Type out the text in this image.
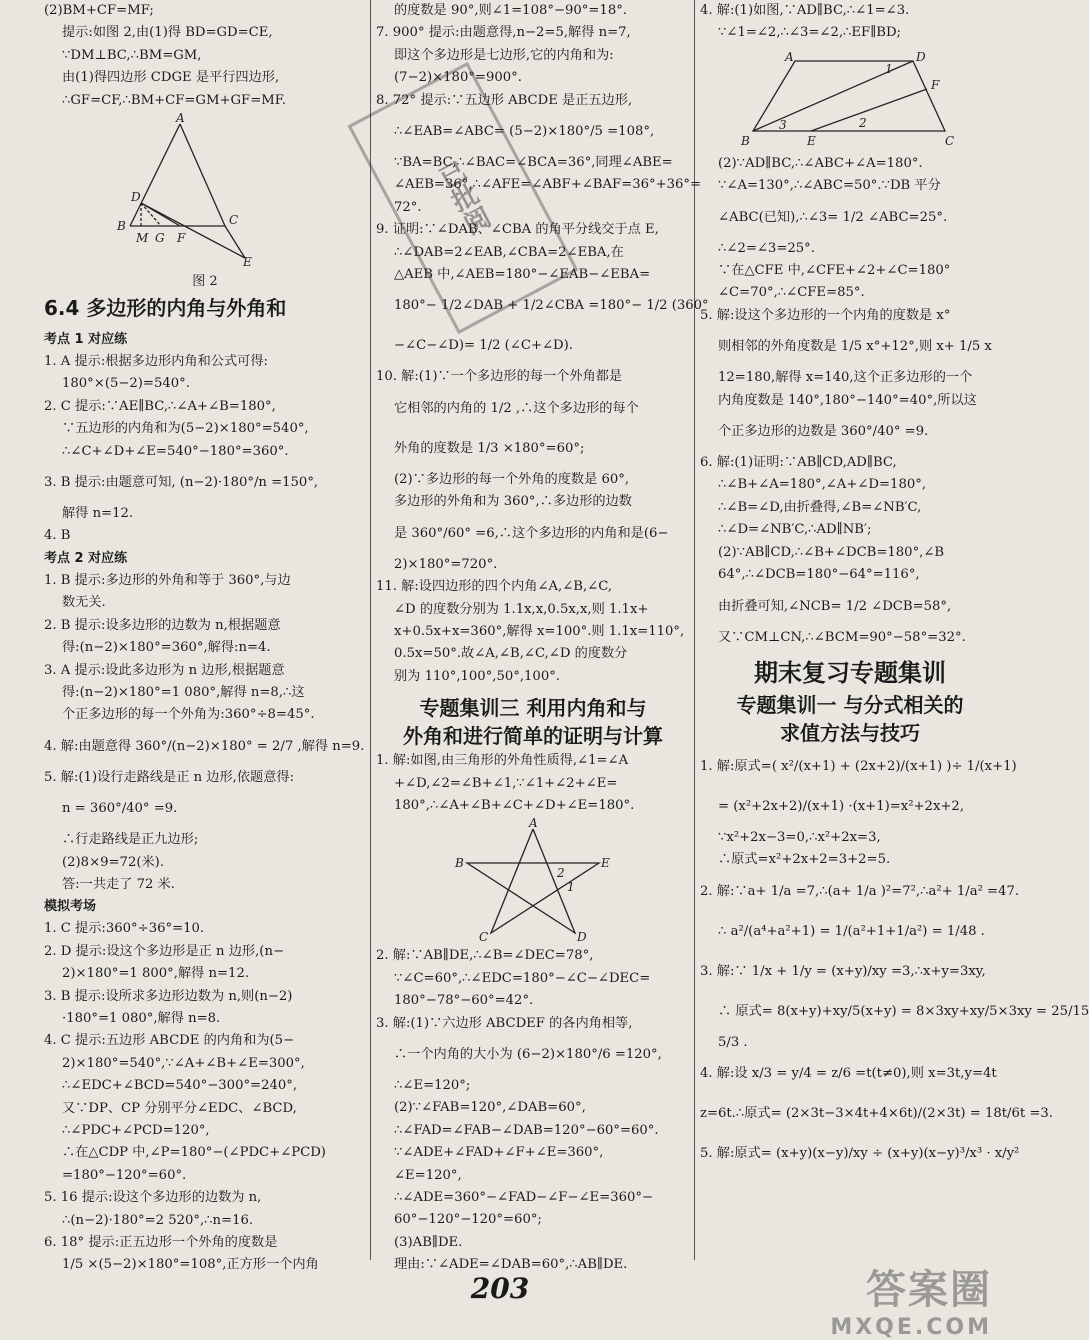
(2)BM+CF=MF;
提示:如图 2,由(1)得 BD=GD=CE,
∵DM⊥BC,∴BM=GM,
由(1)得四边形 CDGE 是平行四边形,
∴GF=CF,∴BM+CF=GM+GF=MF.
A
D
B
M G F
C
E
图 2
6.4 多边形的内角与外角和
考点 1 对应练
1. A 提示:根据多边形内角和公式可得:
180°×(5−2)=540°.
2. C 提示:∵AE∥BC,∴∠A+∠B=180°,
∵五边形的内角和为(5−2)×180°=540°,
∴∠C+∠D+∠E=540°−180°=360°.
3. B 提示:由题意可知, (n−2)·180°/n =150°,
解得 n=12.
4. B
考点 2 对应练
1. B 提示:多边形的外角和等于 360°,与边
数无关.
2. B 提示:设多边形的边数为 n,根据题意
得:(n−2)×180°=360°,解得:n=4.
3. A 提示:设此多边形为 n 边形,根据题意
得:(n−2)×180°=1 080°,解得 n=8,∴这
个正多边形的每一个外角为:360°÷8=45°.
4. 解:由题意得 360°/(n−2)×180° = 2/7 ,解得 n=9.
5. 解:(1)设行走路线是正 n 边形,依题意得:
n = 360°/40° =9.
∴行走路线是正九边形;
(2)8×9=72(米).
答:一共走了 72 米.
模拟考场
1. C 提示:360°÷36°=10.
2. D 提示:设这个多边形是正 n 边形,(n−
2)×180°=1 800°,解得 n=12.
3. B 提示:设所求多边形边数为 n,则(n−2)
·180°=1 080°,解得 n=8.
4. C 提示:五边形 ABCDE 的内角和为(5−
2)×180°=540°,∵∠A+∠B+∠E=300°,
∴∠EDC+∠BCD=540°−300°=240°,
又∵DP、CP 分别平分∠EDC、∠BCD,
∴∠PDC+∠PCD=120°,
∴在△CDP 中,∠P=180°−(∠PDC+∠PCD)
=180°−120°=60°.
5. 16 提示:设这个多边形的边数为 n,
∴(n−2)·180°=2 520°,∴n=16.
6. 18° 提示:正五边形一个外角的度数是
1/5 ×(5−2)×180°=108°,正方形一个内角
的度数是 90°,则∠1=108°−90°=18°.
7. 900° 提示:由题意得,n−2=5,解得 n=7,
即这个多边形是七边形,它的内角和为:
(7−2)×180°=900°.
8. 72° 提示:∵五边形 ABCDE 是正五边形,
∴∠EAB=∠ABC= (5−2)×180°/5 =108°,
∵BA=BC,∴∠BAC=∠BCA=36°,同理∠ABE=
∠AEB=36°,∴∠AFE=∠ABF+∠BAF=36°+36°=
72°.
9. 证明:∵∠DAB、∠CBA 的角平分线交于点 E,
∴∠DAB=2∠EAB,∠CBA=2∠EBA,在
△AEB 中,∠AEB=180°−∠EAB−∠EBA=
180°− 1/2∠DAB + 1/2∠CBA =180°− 1/2 (360°
−∠C−∠D)= 1/2 (∠C+∠D).
10. 解:(1)∵一个多边形的每一个外角都是
它相邻的内角的 1/2 ,∴这个多边形的每个
外角的度数是 1/3 ×180°=60°;
(2)∵多边形的每一个外角的度数是 60°,
多边形的外角和为 360°,∴多边形的边数
是 360°/60° =6,∴这个多边形的内角和是(6−
2)×180°=720°.
11. 解:设四边形的四个内角∠A,∠B,∠C,
∠D 的度数分别为 1.1x,x,0.5x,x,则 1.1x+
x+0.5x+x=360°,解得 x=100°.则 1.1x=110°,
0.5x=50°.故∠A,∠B,∠C,∠D 的度数分
别为 110°,100°,50°,100°.
专题集训三 利用内角和与
外角和进行简单的证明与计算
1. 解:如图,由三角形的外角性质得,∠1=∠A
+∠D,∠2=∠B+∠1,∵∠1+∠2+∠E=
180°,∴∠A+∠B+∠C+∠D+∠E=180°.
A
B	E
C	D
1
2
2. 解:∵AB∥DE,∴∠B=∠DEC=78°,
∵∠C=60°,∴∠EDC=180°−∠C−∠DEC=
180°−78°−60°=42°.
3. 解:(1)∵六边形 ABCDEF 的各内角相等,
∴一个内角的大小为 (6−2)×180°/6 =120°,
∴∠E=120°;
(2)∵∠FAB=120°,∠DAB=60°,
∴∠FAD=∠FAB−∠DAB=120°−60°=60°.
∵∠ADE+∠FAD+∠F+∠E=360°,
∠E=120°,
∴∠ADE=360°−∠FAD−∠F−∠E=360°−
60°−120°−120°=60°;
(3)AB∥DE.
理由:∵∠ADE=∠DAB=60°,∴AB∥DE.
4. 解:(1)如图,∵AD∥BC,∴∠1=∠3.
∵∠1=∠2,∴∠3=∠2,∴EF∥BD;
A	D
F
B	E	C
1
2
3
(2)∵AD∥BC,∴∠ABC+∠A=180°.
∵∠A=130°,∴∠ABC=50°.∵DB 平分
∠ABC(已知),∴∠3= 1/2 ∠ABC=25°.
∴∠2=∠3=25°.
∵在△CFE 中,∠CFE+∠2+∠C=180°
∠C=70°,∴∠CFE=85°.
5. 解:设这个多边形的一个内角的度数是 x°
则相邻的外角度数是 1/5 x°+12°,则 x+ 1/5 x
12=180,解得 x=140,这个正多边形的一个
内角度数是 140°,180°−140°=40°,所以这
个正多边形的边数是 360°/40° =9.
6. 解:(1)证明:∵AB∥CD,AD∥BC,
∴∠B+∠A=180°,∠A+∠D=180°,
∴∠B=∠D,由折叠得,∠B=∠NB′C,
∴∠D=∠NB′C,∴AD∥NB′;
(2)∵AB∥CD,∴∠B+∠DCB=180°,∠B
64°,∴∠DCB=180°−64°=116°,
由折叠可知,∠NCB= 1/2 ∠DCB=58°,
又∵CM⊥CN,∴∠BCM=90°−58°=32°.
期末复习专题集训
专题集训一 与分式相关的
求值方法与技巧
1. 解:原式=( x²/(x+1) + (2x+2)/(x+1) )÷ 1/(x+1)
= (x²+2x+2)/(x+1) ·(x+1)=x²+2x+2,
∵x²+2x−3=0,∴x²+2x=3,
∴原式=x²+2x+2=3+2=5.
2. 解:∵a+ 1/a =7,∴(a+ 1/a )²=7²,∴a²+ 1/a² =47.
∴ a²/(a⁴+a²+1) = 1/(a²+1+1/a²) = 1/48 .
3. 解:∵ 1/x + 1/y = (x+y)/xy =3,∴x+y=3xy,
∴ 原式= 8(x+y)+xy/5(x+y) = 8×3xy+xy/5×3xy = 25/15
5/3 .
4. 解:设 x/3 = y/4 = z/6 =t(t≠0),则 x=3t,y=4t
z=6t.∴原式= (2×3t−3×4t+4×6t)/(2×3t) = 18t/6t =3.
5. 解:原式= (x+y)(x−y)/xy ÷ (x+y)(x−y)³/x³ · x/y²
已批阅
203	答案圈
MXQE.COM
